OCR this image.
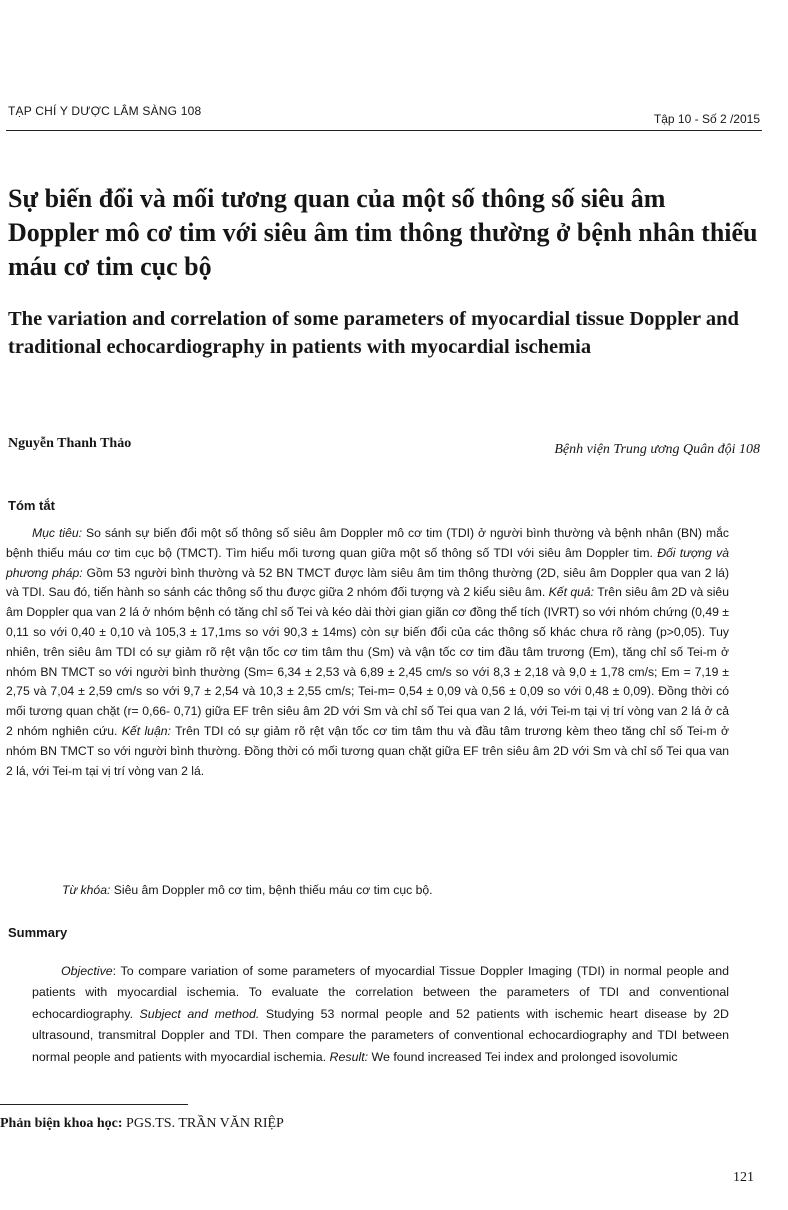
TẠP CHÍ Y DƯỢC LÂM SÀNG 108
Tập 10 - Số 2 /2015
Sự biến đổi và mối tương quan của một số thông số siêu âm Doppler mô cơ tim với siêu âm tim thông thường ở bệnh nhân thiếu máu cơ tim cục bộ
The variation and correlation of some parameters of myocardial tissue Doppler and traditional echocardiography in patients with myocardial ischemia
Nguyễn Thanh Thảo	Bệnh viện Trung ương Quân đội 108
Tóm tắt

Mục tiêu: So sánh sự biến đổi một số thông số siêu âm Doppler mô cơ tim (TDI) ở người bình thường và bệnh nhân (BN) mắc bệnh thiếu máu cơ tim cục bộ (TMCT). Tìm hiểu mối tương quan giữa một số thông số TDI với siêu âm Doppler tim. Đối tượng và phương pháp: Gồm 53 người bình thường và 52 BN TMCT được làm siêu âm tim thông thường (2D, siêu âm Doppler qua van 2 lá) và TDI. Sau đó, tiến hành so sánh các thông số thu được giữa 2 nhóm đối tượng và 2 kiểu siêu âm. Kết quả: Trên siêu âm 2D và siêu âm Doppler qua van 2 lá ở nhóm bệnh có tăng chỉ số Tei và kéo dài thời gian giãn cơ đồng thể tích (IVRT) so với nhóm chứng (0,49 ± 0,11 so với 0,40 ± 0,10 và 105,3 ± 17,1ms so với 90,3 ± 14ms) còn sự biến đổi của các thông số khác chưa rõ ràng (p>0,05). Tuy nhiên, trên siêu âm TDI có sự giảm rõ rệt vận tốc cơ tim tâm thu (Sm) và vận tốc cơ tim đầu tâm trương (Em), tăng chỉ số Tei-m ở nhóm BN TMCT so với người bình thường (Sm= 6,34 ± 2,53 và 6,89 ± 2,45 cm/s so với 8,3 ± 2,18 và 9,0 ± 1,78 cm/s; Em = 7,19 ± 2,75 và 7,04 ± 2,59 cm/s so với 9,7 ± 2,54 và 10,3 ± 2,55 cm/s; Tei-m= 0,54 ± 0,09 và 0,56 ± 0,09 so với 0,48 ± 0,09). Đồng thời có mối tương quan chặt (r= 0,66- 0,71) giữa EF trên siêu âm 2D với Sm và chỉ số Tei qua van 2 lá, với Tei-m tại vị trí vòng van 2 lá ở cả 2 nhóm nghiên cứu. Kết luận: Trên TDI có sự giảm rõ rệt vận tốc cơ tim tâm thu và đầu tâm trương kèm theo tăng chỉ số Tei-m ở nhóm BN TMCT so với người bình thường. Đồng thời có mối tương quan chặt giữa EF trên siêu âm 2D với Sm và chỉ số Tei qua van 2 lá, với Tei-m tại vị trí vòng van 2 lá.

Từ khóa: Siêu âm Doppler mô cơ tim, bệnh thiếu máu cơ tim cục bộ.
Summary

Objective: To compare variation of some parameters of myocardial Tissue Doppler Imaging (TDI) in normal people and patients with myocardial ischemia. To evaluate the correlation between the parameters of TDI and conventional echocardiography. Subject and method. Studying 53 normal people and 52 patients with ischemic heart disease by 2D ultrasound, transmitral Doppler and TDI. Then compare the parameters of conventional echocardiography and TDI between normal people and patients with myocardial ischemia. Result: We found increased Tei index and prolonged isovolumic

Phản biện khoa học: PGS.TS. TRẦN VĂN RIỆP
121
